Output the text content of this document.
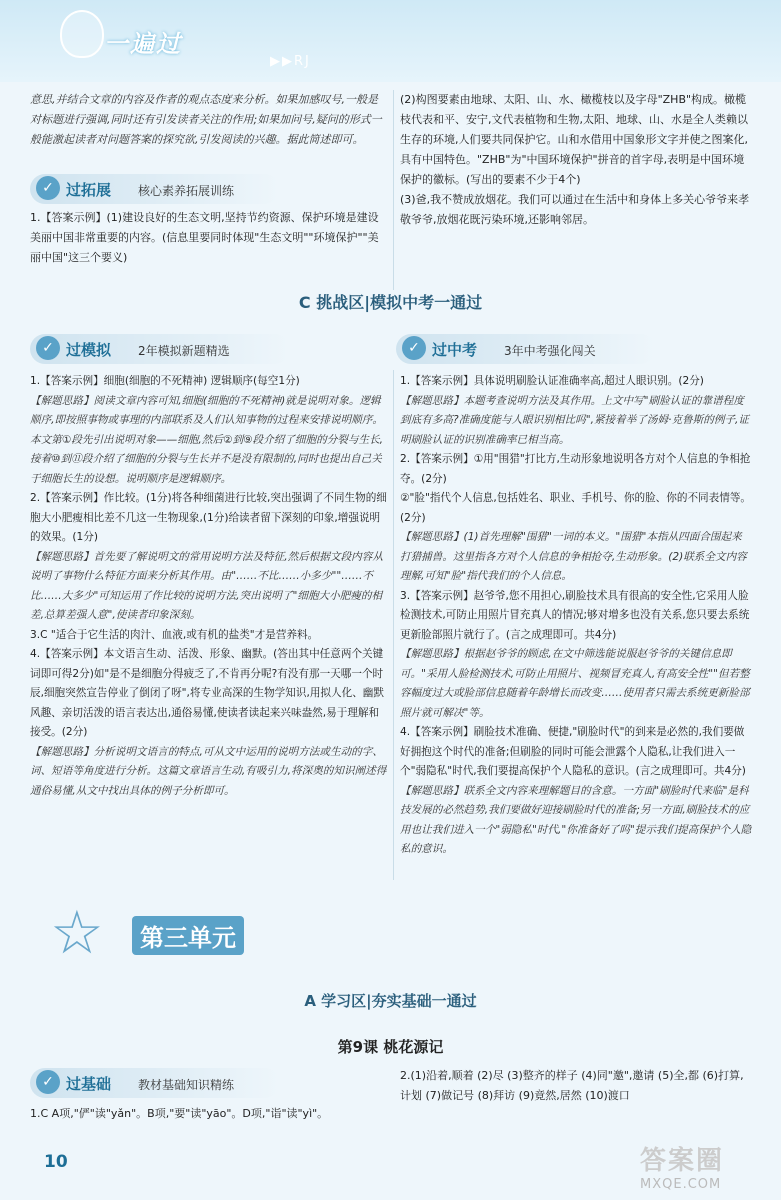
一遍过
▶▶RJ

意思,并结合文章的内容及作者的观点态度来分析。如果加感叹号,一般是对标题进行强调,同时还有引发读者关注的作用;如果加问号,疑问的形式一般能激起读者对问题答案的探究欲,引发阅读的兴趣。据此简述即可。

✓ 过拓展 核心素养拓展训练

1.【答案示例】(1)建设良好的生态文明,坚持节约资源、保护环境是建设美丽中国非常重要的内容。(信息里要同时体现"生态文明""环境保护""美丽中国"这三个要义)

(2)构图要素由地球、太阳、山、水、橄榄枝以及字母"ZHB"构成。橄榄枝代表和平、安宁,文代表植物和生物,太阳、地球、山、水是全人类赖以生存的环境,人们要共同保护它。山和水借用中国象形文字并使之图案化,具有中国特色。"ZHB"为"中国环境保护"拼音的首字母,表明是中国环境保护的徽标。(写出的要素不少于4个)

(3)爸,我不赞成放烟花。我们可以通过在生活中和身体上多关心爷爷来孝敬爷爷,放烟花既污染环境,还影响邻居。

C 挑战区|模拟中考一通过
✓ 过模拟 2年模拟新题精选

1.【答案示例】细胞(细胞的不死精神) 逻辑顺序(每空1分)

【解题思路】阅读文章内容可知,细胞(细胞的不死精神)就是说明对象。逻辑顺序,即按照事物或事理的内部联系及人们认知事物的过程来安排说明顺序。本文第①段先引出说明对象——细胞,然后②到⑨段介绍了细胞的分裂与生长,接着⑩到⑪段介绍了细胞的分裂与生长并不是没有限制的,同时也提出自己关于细胞长生的设想。说明顺序是逻辑顺序。

2.【答案示例】作比较。(1分)将各种细菌进行比较,突出强调了不同生物的细胞大小肥瘦相比差不几这一生物现象,(1分)给读者留下深刻的印象,增强说明的效果。(1分)

【解题思路】首先要了解说明文的常用说明方法及特征,然后根据文段内容从说明了事物什么特征方面来分析其作用。由"……不比……小多少""……不比……大多少"可知运用了作比较的说明方法,突出说明了"细胞大小肥瘦的相差,总算差强人意",使读者印象深刻。

3.C "适合于它生活的肉汁、血液,或有机的盐类"才是营养料。

4.【答案示例】本文语言生动、活泼、形象、幽默。(答出其中任意两个关键词即可得2分)如"是不是细胞分得疲乏了,不肯再分呢?有没有那一天哪一个时辰,细胞突然宣告停业了倒闭了呀",将专业高深的生物学知识,用拟人化、幽默风趣、亲切活泼的语言表达出,通俗易懂,使读者读起来兴味盎然,易于理解和接受。(2分)

【解题思路】分析说明文语言的特点,可从文中运用的说明方法或生动的字、词、短语等角度进行分析。这篇文章语言生动,有吸引力,将深奥的知识阐述得通俗易懂,从文中找出具体的例子分析即可。

✓ 过中考 3年中考强化闯关

1.【答案示例】具体说明刷脸认证准确率高,超过人眼识别。(2分)

【解题思路】本题考查说明方法及其作用。上文中写"刷脸认证的靠谱程度到底有多高?准确度能与人眼识别相比吗",紧接着举了汤姆·克鲁斯的例子,证明刷脸认证的识别准确率已相当高。

2.【答案示例】①用"围猎"打比方,生动形象地说明各方对个人信息的争相抢夺。(2分)

②"脸"指代个人信息,包括姓名、职业、手机号、你的脸、你的不同表情等。(2分)

【解题思路】(1)首先理解"围猎"一词的本义。"围猎"本指从四面合围起来打猎捕兽。这里指各方对个人信息的争相抢夺,生动形象。(2)联系全文内容理解,可知"脸"指代我们的个人信息。

3.【答案示例】赵爷爷,您不用担心,刷脸技术具有很高的安全性,它采用人脸检测技术,可防止用照片冒充真人的情况;够对增多也没有关系,您只要去系统更新脸部照片就行了。(言之成理即可。共4分)

【解题思路】根据赵爷爷的顾虑,在文中筛选能说服赵爷爷的关键信息即可。"采用人脸检测技术,可防止用照片、视频冒充真人,有高安全性""但若整容幅度过大或脸部信息随着年龄增长而改变……使用者只需去系统更新脸部照片就可解决"等。

4.【答案示例】刷脸技术准确、便捷,"刷脸时代"的到来是必然的,我们要做好拥抱这个时代的准备;但刷脸的同时可能会泄露个人隐私,让我们进入一个"弱隐私"时代,我们要提高保护个人隐私的意识。(言之成理即可。共4分)

【解题思路】联系全文内容来理解题目的含意。一方面"刷脸时代来临"是科技发展的必然趋势,我们要做好迎接刷脸时代的准备;另一方面,刷脸技术的应用也让我们进入一个"弱隐私"时代,"你准备好了吗"提示我们提高保护个人隐私的意识。

☆	第三单元
A 学习区|夯实基础一通过
第9课 桃花源记
✓ 过基础 教材基础知识精练

1.C A项,"俨"读"yǎn"。B项,"要"读"yāo"。D项,"诣"读"yì"。

2.(1)沿着,顺着 (2)尽 (3)整齐的样子 (4)同"邀",邀请 (5)全,都 (6)打算,计划 (7)做记号 (8)拜访 (9)竟然,居然 (10)渡口

10	答案圈
MXQE.COM
